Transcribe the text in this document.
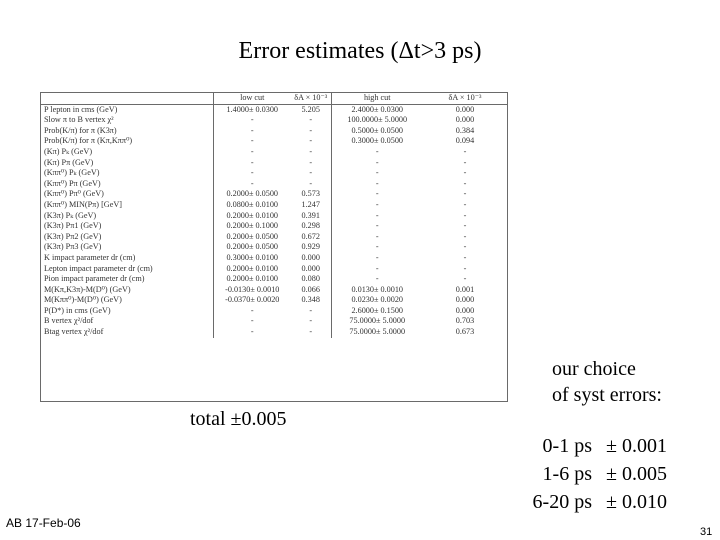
Error estimates (Δt>3 ps)
	low cut	δA × 10⁻³	high cut	δA × 10⁻³
P lepton in cms (GeV)	1.4000± 0.0300	5.205	2.4000± 0.0300	0.000
Slow π to B vertex χ²	-	-	100.0000± 5.0000	0.000
Prob(K/π) for π (K3π)	-	-	0.5000± 0.0500	0.384
Prob(K/π) for π (Kπ,Kππ⁰)	-	-	0.3000± 0.0500	0.094
(Kπ) Pₖ (GeV)	-	-	-	-
(Kπ) Pπ (GeV)	-	-	-	-
(Kππ⁰) Pₖ (GeV)	-	-	-	-
(Kππ⁰) Pπ (GeV)	-	-	-	-
(Kππ⁰) Pπ⁰ (GeV)	0.2000± 0.0500	0.573	-	-
(Kππ⁰) MIN(Pπ) [GeV]	0.0800± 0.0100	1.247	-	-
(K3π) Pₖ (GeV)	0.2000± 0.0100	0.391	-	-
(K3π) Pπ1 (GeV)	0.2000± 0.1000	0.298	-	-
(K3π) Pπ2 (GeV)	0.2000± 0.0500	0.672	-	-
(K3π) Pπ3 (GeV)	0.2000± 0.0500	0.929	-	-
K impact parameter dr (cm)	0.3000± 0.0100	0.000	-	-
Lepton impact parameter dr (cm)	0.2000± 0.0100	0.000	-	-
Pion impact parameter dr (cm)	0.2000± 0.0100	0.080	-	-
M(Kπ,K3π)-M(D⁰) (GeV)	-0.0130± 0.0010	0.066	0.0130± 0.0010	0.001
M(Kππ⁰)-M(D⁰) (GeV)	-0.0370± 0.0020	0.348	0.0230± 0.0020	0.000
P(D*) in cms (GeV)	-	-	2.6000± 0.1500	0.000
B vertex χ²/dof	-	-	75.0000± 5.0000	0.703
Btag vertex χ²/dof	-	-	75.0000± 5.0000	0.673
total ±0.005
our choice
of syst errors:
0-1 ps ± 0.001
1-6 ps ± 0.005
6-20 ps ± 0.010
AB 17-Feb-06
31
